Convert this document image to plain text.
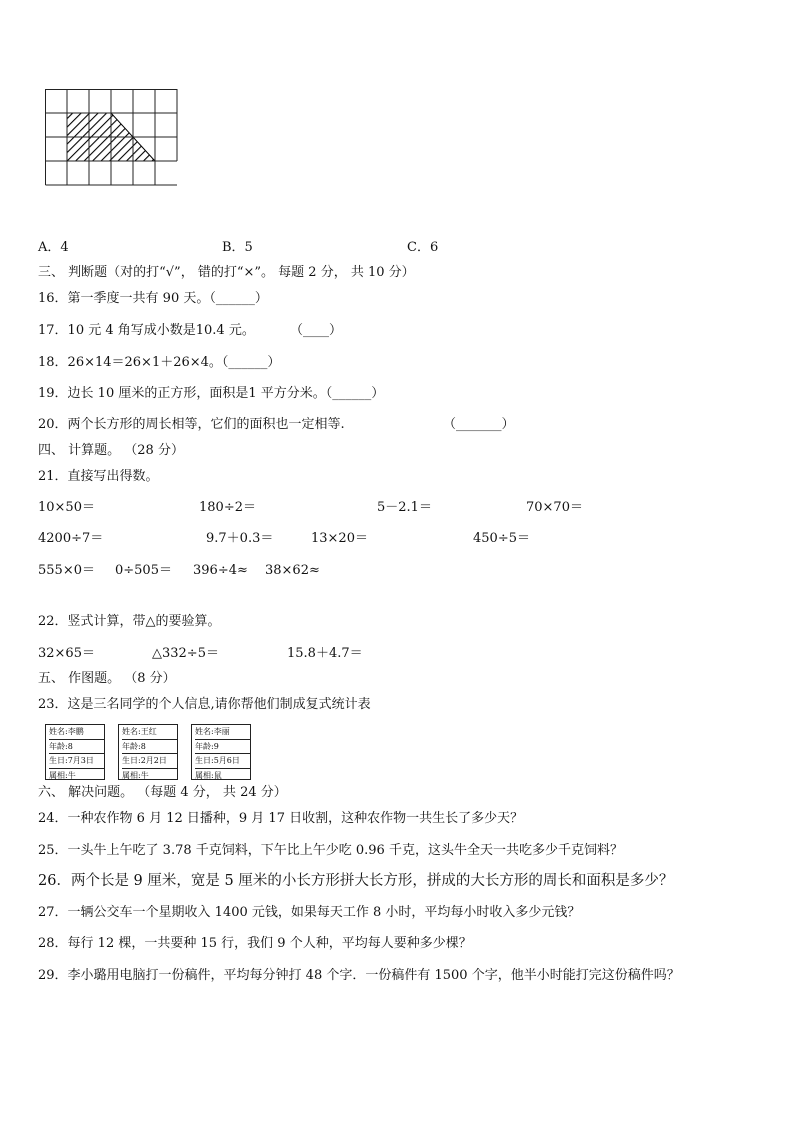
A．4	B．5	C．6
三、 判断题（对的打“√”， 错的打“×”。 每题 2 分， 共 10 分）
16．第一季度一共有 90 天。（______）
17．10 元 4 角写成小数是10.4 元。	（____）
18．26×14＝26×1＋26×4。（______）
19．边长 10 厘米的正方形，面积是1 平方分米。（______）
20．两个长方形的周长相等，它们的面积也一定相等.	（_______）
四、 计算题。 （28 分）
21．直接写出得数。
10×50＝	180÷2＝	5－2.1＝	70×70＝
4200÷7＝	9.7＋0.3＝	13×20＝	450÷5＝
555×0＝ 0÷505＝ 396÷4≈ 38×62≈
22．竖式计算，带△的要验算。
32×65＝	△332÷5＝	15.8＋4.7＝
五、 作图题。 （8 分）
23．这是三名同学的个人信息,请你帮他们制成复式统计表
姓名:李鹏
年龄:8
生日:7月3日
属相:牛
姓名:王红
年龄:8
生日:2月2日
属相:牛
姓名:李丽
年龄:9
生日:5月6日
属相:鼠
六、 解决问题。 （每题 4 分， 共 24 分）
24．一种农作物 6 月 12 日播种，9 月 17 日收割，这种农作物一共生长了多少天？
25．一头牛上午吃了 3.78 千克饲料，下午比上午少吃 0.96 千克，这头牛全天一共吃多少千克饲料？
26．两个长是 9 厘米，宽是 5 厘米的小长方形拼大长方形，拼成的大长方形的周长和面积是多少？
27．一辆公交车一个星期收入 1400 元钱，如果每天工作 8 小时，平均每小时收入多少元钱？
28．每行 12 棵，一共要种 15 行，我们 9 个人种，平均每人要种多少棵？
29．李小璐用电脑打一份稿件，平均每分钟打 48 个字．一份稿件有 1500 个字，他半小时能打完这份稿件吗？
